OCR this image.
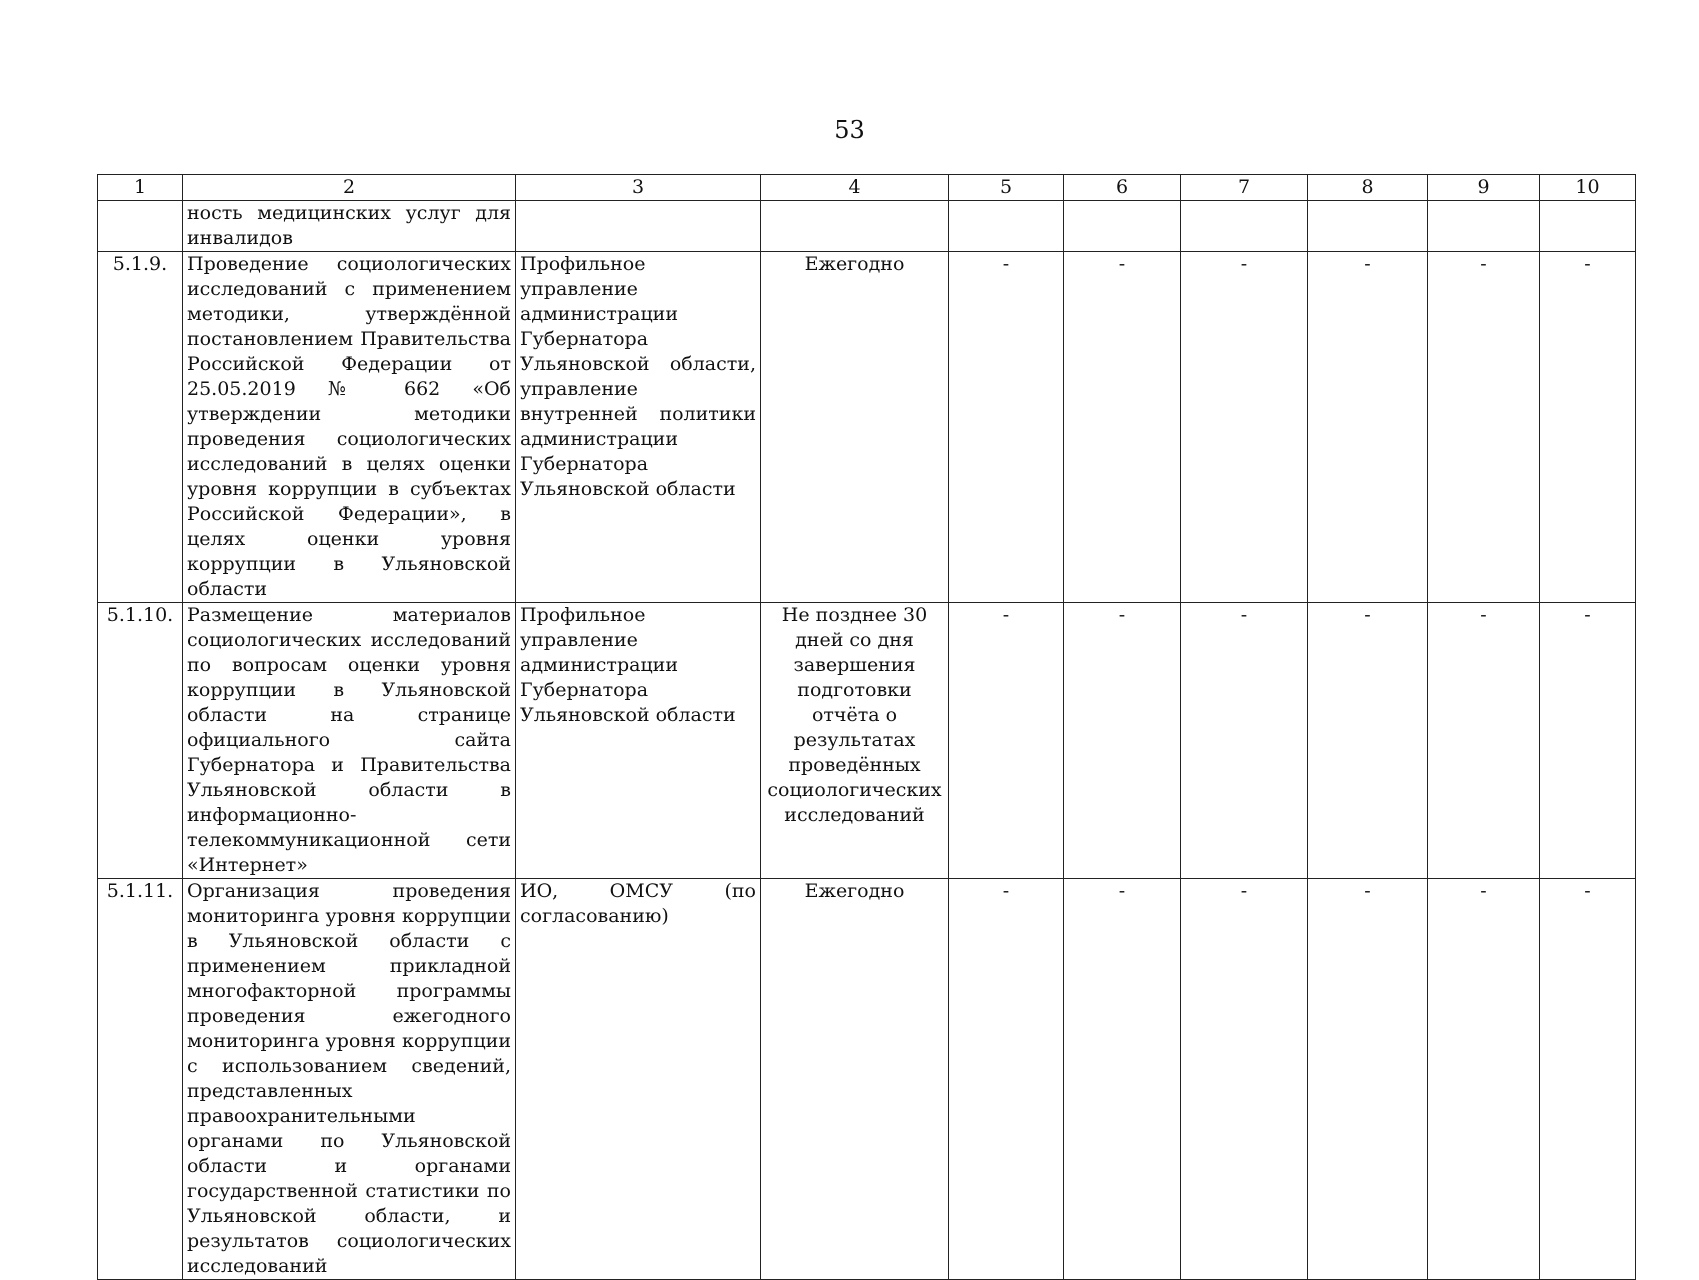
53
1	2	3	4	5	6	7	8	9	10
	ность медицинских услуг для инвалидов								
5.1.9.	Проведение социологических исследований с применением методики, утверждённой постановлением Правительства Российской Федерации от 25.05.2019 № 662 «Об утверждении методики проведения социологических исследований в целях оценки уровня коррупции в субъектах Российской Федерации», в целях оценки уровня коррупции в Ульяновской области	Профильное управление администрации Губернатора Ульяновской области, управление внутренней политики администрации Губернатора Ульяновской области	Ежегодно	-	-	-	-	-	-
5.1.10.	Размещение материалов социологических исследований по вопросам оценки уровня коррупции в Ульяновской области на странице официального сайта Губернатора и Правительства Ульяновской области в информационно-телекоммуникационной сети «Интернет»	Профильное управление администрации Губернатора Ульяновской области	Не позднее 30 дней со дня завершения подготовки отчёта о результатах проведённых социологических исследований	-	-	-	-	-	-
5.1.11.	Организация проведения мониторинга уровня коррупции в Ульяновской области с применением прикладной многофакторной программы проведения ежегодного мониторинга уровня коррупции с использованием сведений, представленных правоохранительными органами по Ульяновской области и органами государственной статистики по Ульяновской области, и результатов социологических исследований	ИО, ОМСУ (по согласованию)	Ежегодно	-	-	-	-	-	-
